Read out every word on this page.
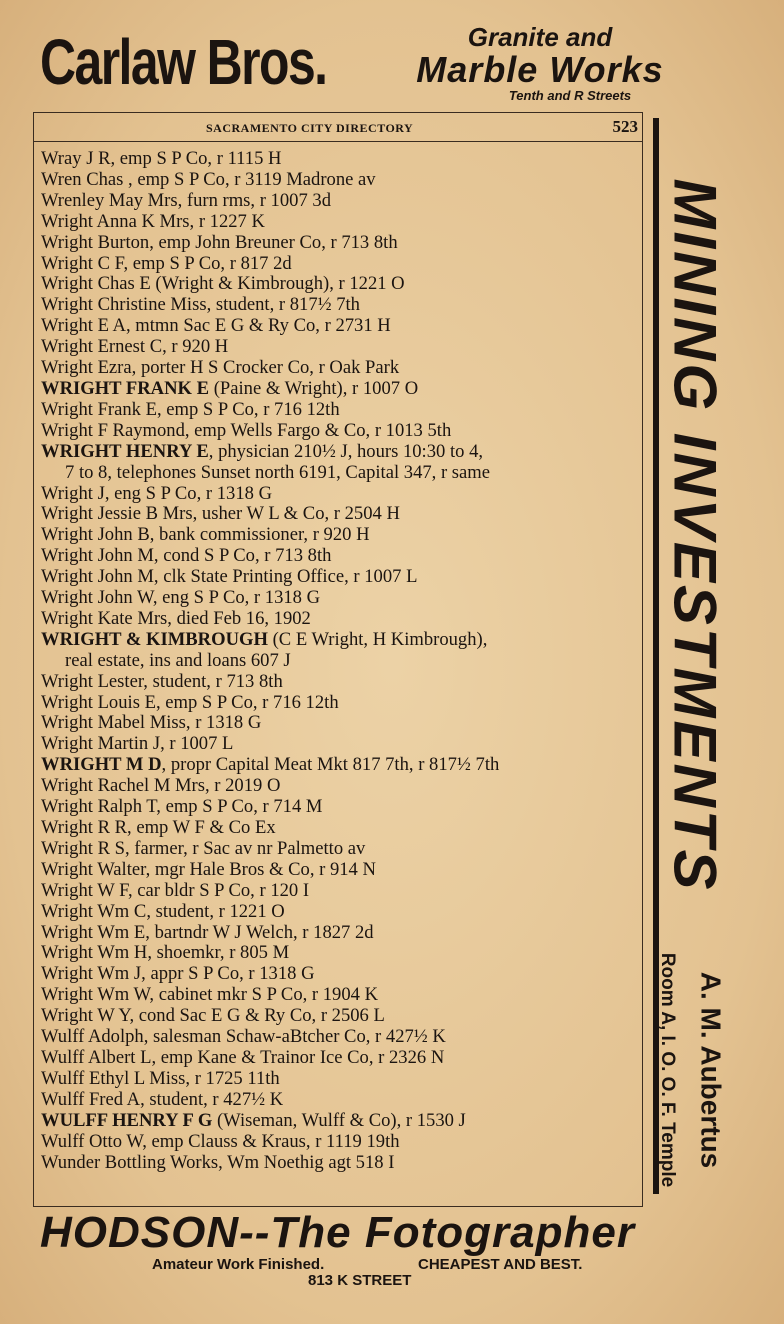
Carlaw Bros.	Granite and
Marble Works
Tenth and R Streets
SACRAMENTO CITY DIRECTORY	523
Wray J R, emp S P Co, r 1115 H
Wren Chas , emp S P Co, r 3119 Madrone av
Wrenley May Mrs, furn rms, r 1007 3d
Wright Anna K Mrs, r 1227 K
Wright Burton, emp John Breuner Co, r 713 8th
Wright C F, emp S P Co, r 817 2d
Wright Chas E (Wright & Kimbrough), r 1221 O
Wright Christine Miss, student, r 817½ 7th
Wright E A, mtmn Sac E G & Ry Co, r 2731 H
Wright Ernest C, r 920 H
Wright Ezra, porter H S Crocker Co, r Oak Park
WRIGHT FRANK E (Paine & Wright), r 1007 O
Wright Frank E, emp S P Co, r 716 12th
Wright F Raymond, emp Wells Fargo & Co, r 1013 5th
WRIGHT HENRY E, physician 210½ J, hours 10:30 to 4,
7 to 8, telephones Sunset north 6191, Capital 347, r same
Wright J, eng S P Co, r 1318 G
Wright Jessie B Mrs, usher W L & Co, r 2504 H
Wright John B, bank commissioner, r 920 H
Wright John M, cond S P Co, r 713 8th
Wright John M, clk State Printing Office, r 1007 L
Wright John W, eng S P Co, r 1318 G
Wright Kate Mrs, died Feb 16, 1902
WRIGHT & KIMBROUGH (C E Wright, H Kimbrough),
real estate, ins and loans 607 J
Wright Lester, student, r 713 8th
Wright Louis E, emp S P Co, r 716 12th
Wright Mabel Miss, r 1318 G
Wright Martin J, r 1007 L
WRIGHT M D, propr Capital Meat Mkt 817 7th, r 817½ 7th
Wright Rachel M Mrs, r 2019 O
Wright Ralph T, emp S P Co, r 714 M
Wright R R, emp W F & Co Ex
Wright R S, farmer, r Sac av nr Palmetto av
Wright Walter, mgr Hale Bros & Co, r 914 N
Wright W F, car bldr S P Co, r 120 I
Wright Wm C, student, r 1221 O
Wright Wm E, bartndr W J Welch, r 1827 2d
Wright Wm H, shoemkr, r 805 M
Wright Wm J, appr S P Co, r 1318 G
Wright Wm W, cabinet mkr S P Co, r 1904 K
Wright W Y, cond Sac E G & Ry Co, r 2506 L
Wulff Adolph, salesman Schaw-aBtcher Co, r 427½ K
Wulff Albert L, emp Kane & Trainor Ice Co, r 2326 N
Wulff Ethyl L Miss, r 1725 11th
Wulff Fred A, student, r 427½ K
WULFF HENRY F G (Wiseman, Wulff & Co), r 1530 J
Wulff Otto W, emp Clauss & Kraus, r 1119 19th
Wunder Bottling Works, Wm Noethig agt 518 I
MINING INVESTMENTS
Room A, I. O. O. F. Temple A. M. Aubertus
HODSON--The Fotographer
Amateur Work Finished.	CHEAPEST AND BEST.
813 K STREET
